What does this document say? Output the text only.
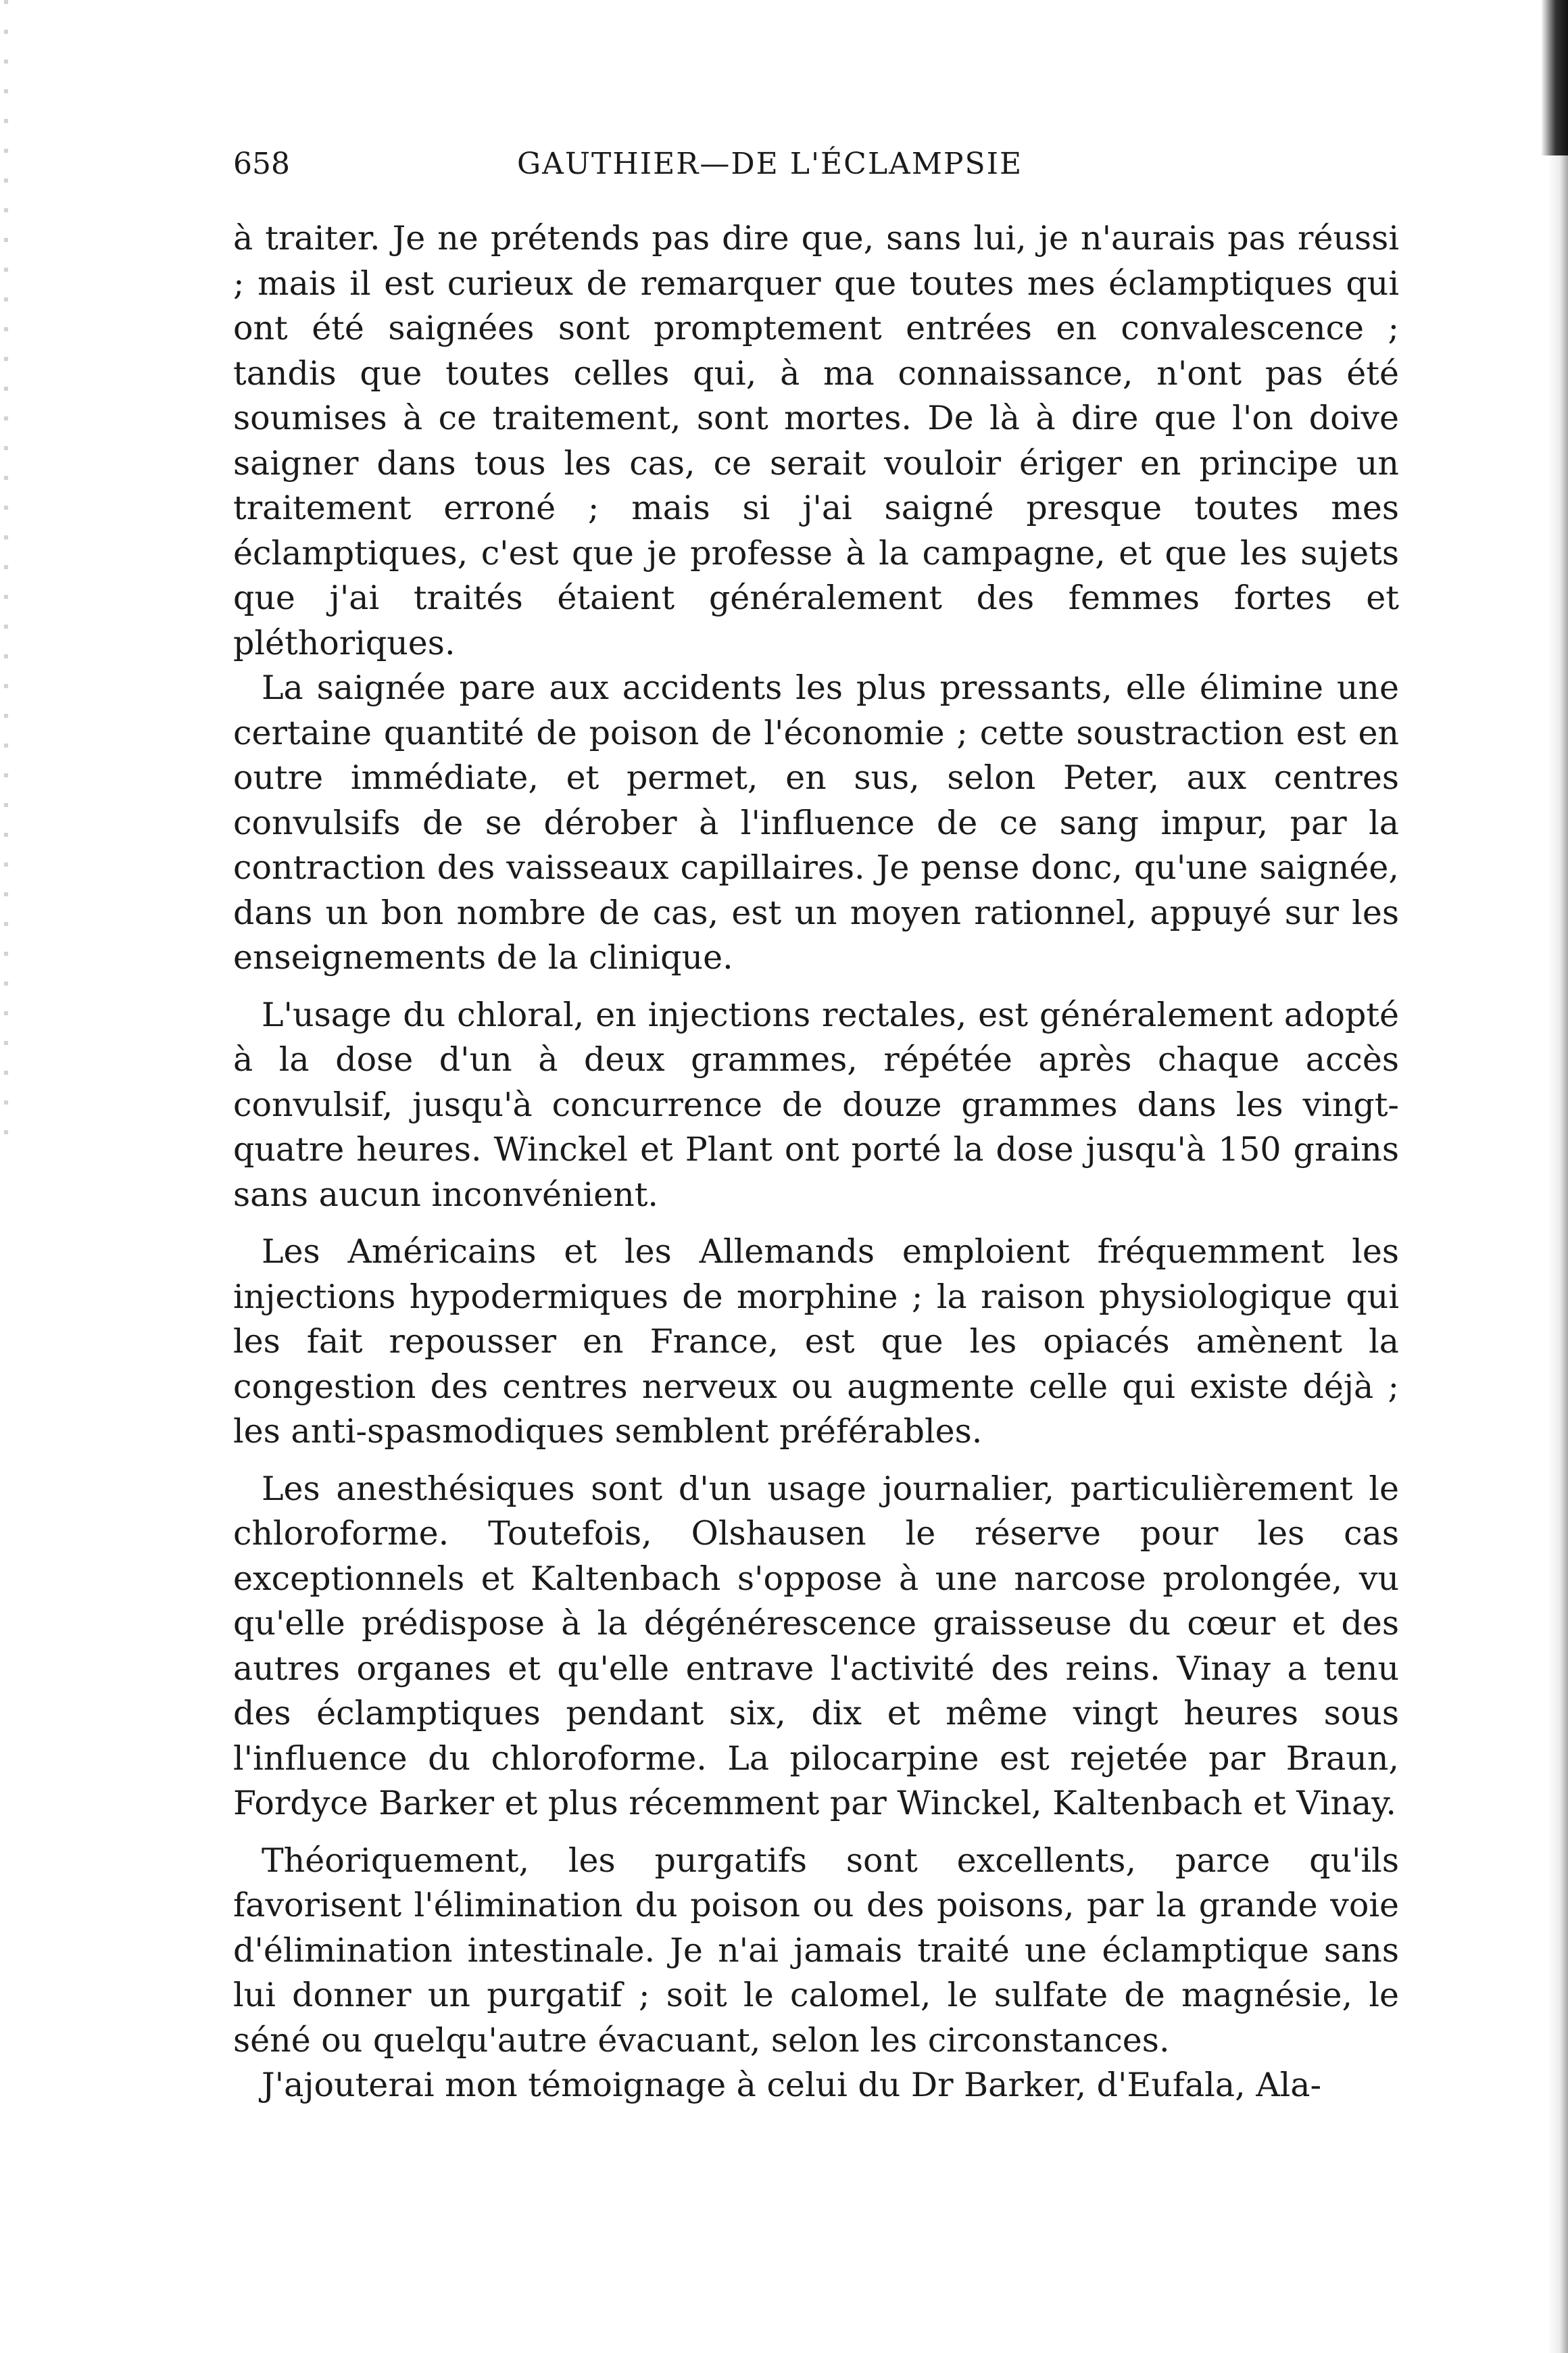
658	GAUTHIER—DE L'ÉCLAMPSIE

à traiter. Je ne prétends pas dire que, sans lui, je n'aurais pas réussi ; mais il est curieux de remarquer que toutes mes éclamptiques qui ont été saignées sont promptement entrées en convalescence ; tandis que toutes celles qui, à ma connaissance, n'ont pas été soumises à ce traitement, sont mortes. De là à dire que l'on doive saigner dans tous les cas, ce serait vouloir ériger en principe un traitement erroné ; mais si j'ai saigné presque toutes mes éclamptiques, c'est que je professe à la campagne, et que les sujets que j'ai traités étaient généralement des femmes fortes et pléthoriques.

La saignée pare aux accidents les plus pressants, elle élimine une certaine quantité de poison de l'économie ; cette soustraction est en outre immédiate, et permet, en sus, selon Peter, aux centres convulsifs de se dérober à l'influence de ce sang impur, par la contraction des vaisseaux capillaires. Je pense donc, qu'une saignée, dans un bon nombre de cas, est un moyen rationnel, appuyé sur les enseignements de la clinique.

L'usage du chloral, en injections rectales, est généralement adopté à la dose d'un à deux grammes, répétée après chaque accès convulsif, jusqu'à concurrence de douze grammes dans les vingt-quatre heures. Winckel et Plant ont porté la dose jusqu'à 150 grains sans aucun inconvénient.

Les Américains et les Allemands emploient fréquemment les injections hypodermiques de morphine ; la raison physiologique qui les fait repousser en France, est que les opiacés amènent la congestion des centres nerveux ou augmente celle qui existe déjà ; les anti-spasmodiques semblent préférables.

Les anesthésiques sont d'un usage journalier, particulièrement le chloroforme. Toutefois, Olshausen le réserve pour les cas exceptionnels et Kaltenbach s'oppose à une narcose prolongée, vu qu'elle prédispose à la dégénérescence graisseuse du cœur et des autres organes et qu'elle entrave l'activité des reins. Vinay a tenu des éclamptiques pendant six, dix et même vingt heures sous l'influence du chloroforme. La pilocarpine est rejetée par Braun, Fordyce Barker et plus récemment par Winckel, Kaltenbach et Vinay.

Théoriquement, les purgatifs sont excellents, parce qu'ils favorisent l'élimination du poison ou des poisons, par la grande voie d'élimination intestinale. Je n'ai jamais traité une éclamptique sans lui donner un purgatif ; soit le calomel, le sulfate de magnésie, le séné ou quelqu'autre évacuant, selon les circonstances.

J'ajouterai mon témoignage à celui du Dr Barker, d'Eufala, Ala-
